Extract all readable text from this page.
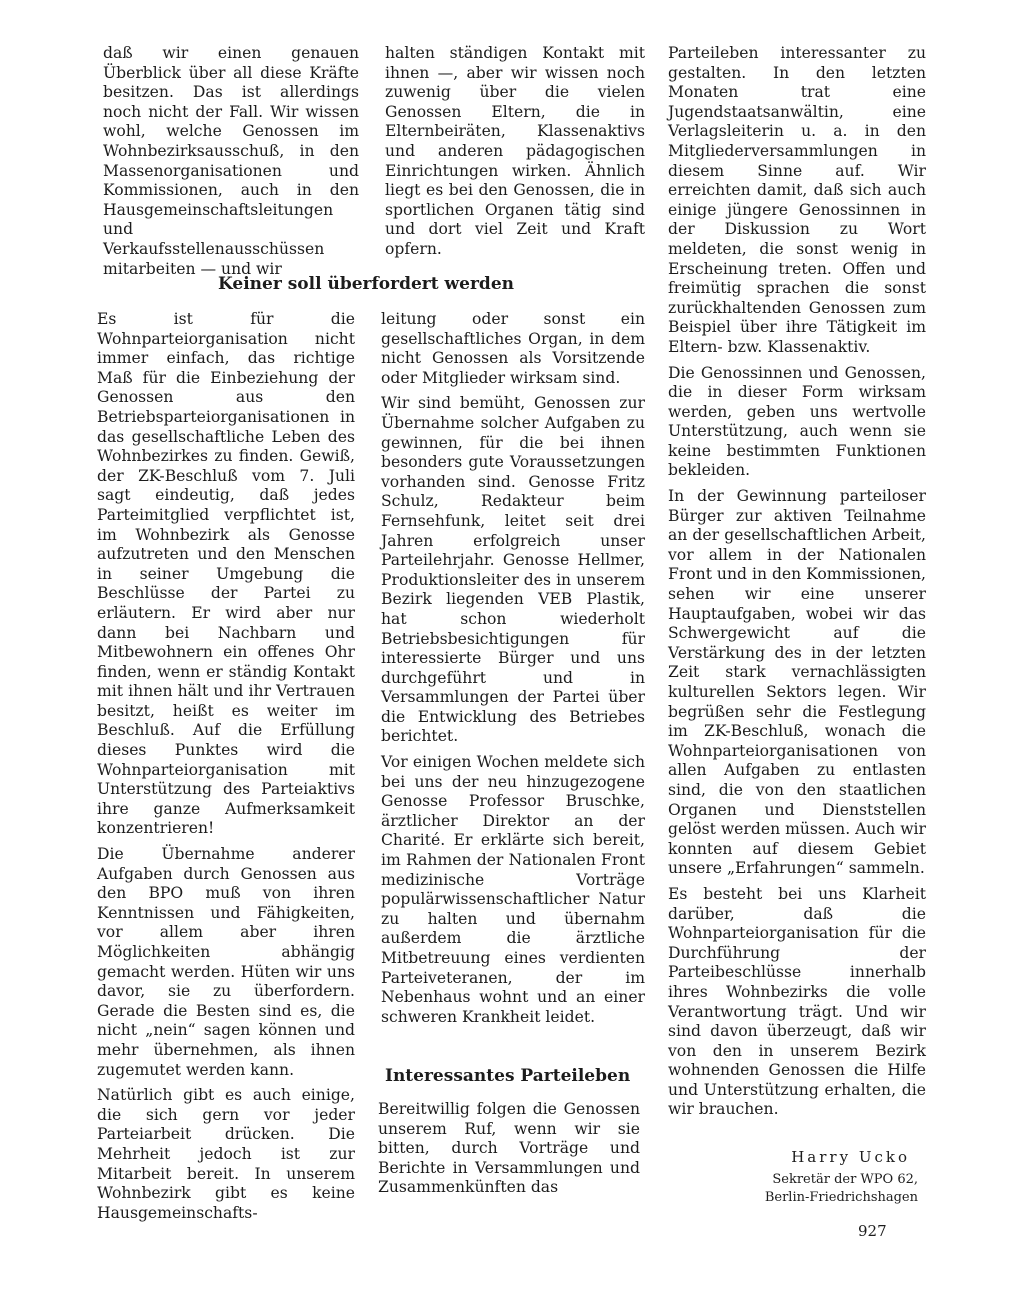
daß wir einen genauen Überblick über all diese Kräfte besitzen. Das ist allerdings noch nicht der Fall. Wir wissen wohl, welche Genossen im Wohnbezirksausschuß, in den Massenorganisationen und Kommissionen, auch in den Hausgemeinschaftsleitungen und Verkaufsstellenausschüssen mitarbeiten — und wir

halten ständigen Kontakt mit ihnen —, aber wir wissen noch zuwenig über die vielen Genossen Eltern, die in Elternbeiräten, Klassenaktivs und anderen pädagogischen Einrichtungen wirken. Ähnlich liegt es bei den Genossen, die in sportlichen Organen tätig sind und dort viel Zeit und Kraft opfern.

Parteileben interessanter zu gestalten. In den letzten Monaten trat eine Jugendstaatsanwältin, eine Verlagsleiterin u. a. in den Mitgliederversammlungen in diesem Sinne auf. Wir erreichten damit, daß sich auch einige jüngere Genossinnen in der Diskussion zu Wort meldeten, die sonst wenig in Erscheinung treten. Offen und freimütig sprachen die sonst zurückhaltenden Genossen zum Beispiel über ihre Tätigkeit im Eltern- bzw. Klassenaktiv.

Die Genossinnen und Genossen, die in dieser Form wirksam werden, geben uns wertvolle Unterstützung, auch wenn sie keine bestimmten Funktionen bekleiden.

In der Gewinnung parteiloser Bürger zur aktiven Teilnahme an der gesellschaftlichen Arbeit, vor allem in der Nationalen Front und in den Kommissionen, sehen wir eine unserer Hauptaufgaben, wobei wir das Schwergewicht auf die Verstärkung des in der letzten Zeit stark vernachlässigten kulturellen Sektors legen. Wir begrüßen sehr die Festlegung im ZK-Beschluß, wonach die Wohnparteiorganisationen von allen Aufgaben zu entlasten sind, die von den staatlichen Organen und Dienststellen gelöst werden müssen. Auch wir konnten auf diesem Gebiet unsere „Erfahrungen“ sammeln.

Es besteht bei uns Klarheit darüber, daß die Wohnparteiorganisation für die Durchführung der Parteibeschlüsse innerhalb ihres Wohnbezirks die volle Verantwortung trägt. Und wir sind davon überzeugt, daß wir von den in unserem Bezirk wohnenden Genossen die Hilfe und Unterstützung erhalten, die wir brauchen.

Keiner soll überfordert werden

Es ist für die Wohnparteiorganisation nicht immer einfach, das richtige Maß für die Einbeziehung der Genossen aus den Betriebsparteiorganisationen in das gesellschaftliche Leben des Wohnbezirkes zu finden. Gewiß, der ZK-Beschluß vom 7. Juli sagt eindeutig, daß jedes Parteimitglied verpflichtet ist, im Wohnbezirk als Genosse aufzutreten und den Menschen in seiner Umgebung die Beschlüsse der Partei zu erläutern. Er wird aber nur dann bei Nachbarn und Mitbewohnern ein offenes Ohr finden, wenn er ständig Kontakt mit ihnen hält und ihr Vertrauen besitzt, heißt es weiter im Beschluß. Auf die Erfüllung dieses Punktes wird die Wohnparteiorganisation mit Unterstützung des Parteiaktivs ihre ganze Aufmerksamkeit konzentrieren!

Die Übernahme anderer Aufgaben durch Genossen aus den BPO muß von ihren Kenntnissen und Fähigkeiten, vor allem aber ihren Möglichkeiten abhängig gemacht werden. Hüten wir uns davor, sie zu überfordern. Gerade die Besten sind es, die nicht „nein“ sagen können und mehr übernehmen, als ihnen zugemutet werden kann.

Natürlich gibt es auch einige, die sich gern vor jeder Parteiarbeit drücken. Die Mehrheit jedoch ist zur Mitarbeit bereit. In unserem Wohnbezirk gibt es keine Hausgemeinschafts-

leitung oder sonst ein gesellschaftliches Organ, in dem nicht Genossen als Vorsitzende oder Mitglieder wirksam sind.

Wir sind bemüht, Genossen zur Übernahme solcher Aufgaben zu gewinnen, für die bei ihnen besonders gute Voraussetzungen vorhanden sind. Genosse Fritz Schulz, Redakteur beim Fernsehfunk, leitet seit drei Jahren erfolgreich unser Parteilehrjahr. Genosse Hellmer, Produktionsleiter des in unserem Bezirk liegenden VEB Plastik, hat schon wiederholt Betriebsbesichtigungen für interessierte Bürger und uns durchgeführt und in Versammlungen der Partei über die Entwicklung des Betriebes berichtet.

Vor einigen Wochen meldete sich bei uns der neu hinzugezogene Genosse Professor Bruschke, ärztlicher Direktor an der Charité. Er erklärte sich bereit, im Rahmen der Nationalen Front medizinische Vorträge populärwissenschaftlicher Natur zu halten und übernahm außerdem die ärztliche Mitbetreuung eines verdienten Parteiveteranen, der im Nebenhaus wohnt und an einer schweren Krankheit leidet.

Interessantes Parteileben

Bereitwillig folgen die Genossen unserem Ruf, wenn wir sie bitten, durch Vorträge und Berichte in Versammlungen und Zusammenkünften das

Harry Ucko
Sekretär der WPO 62,
Berlin-Friedrichshagen
927
